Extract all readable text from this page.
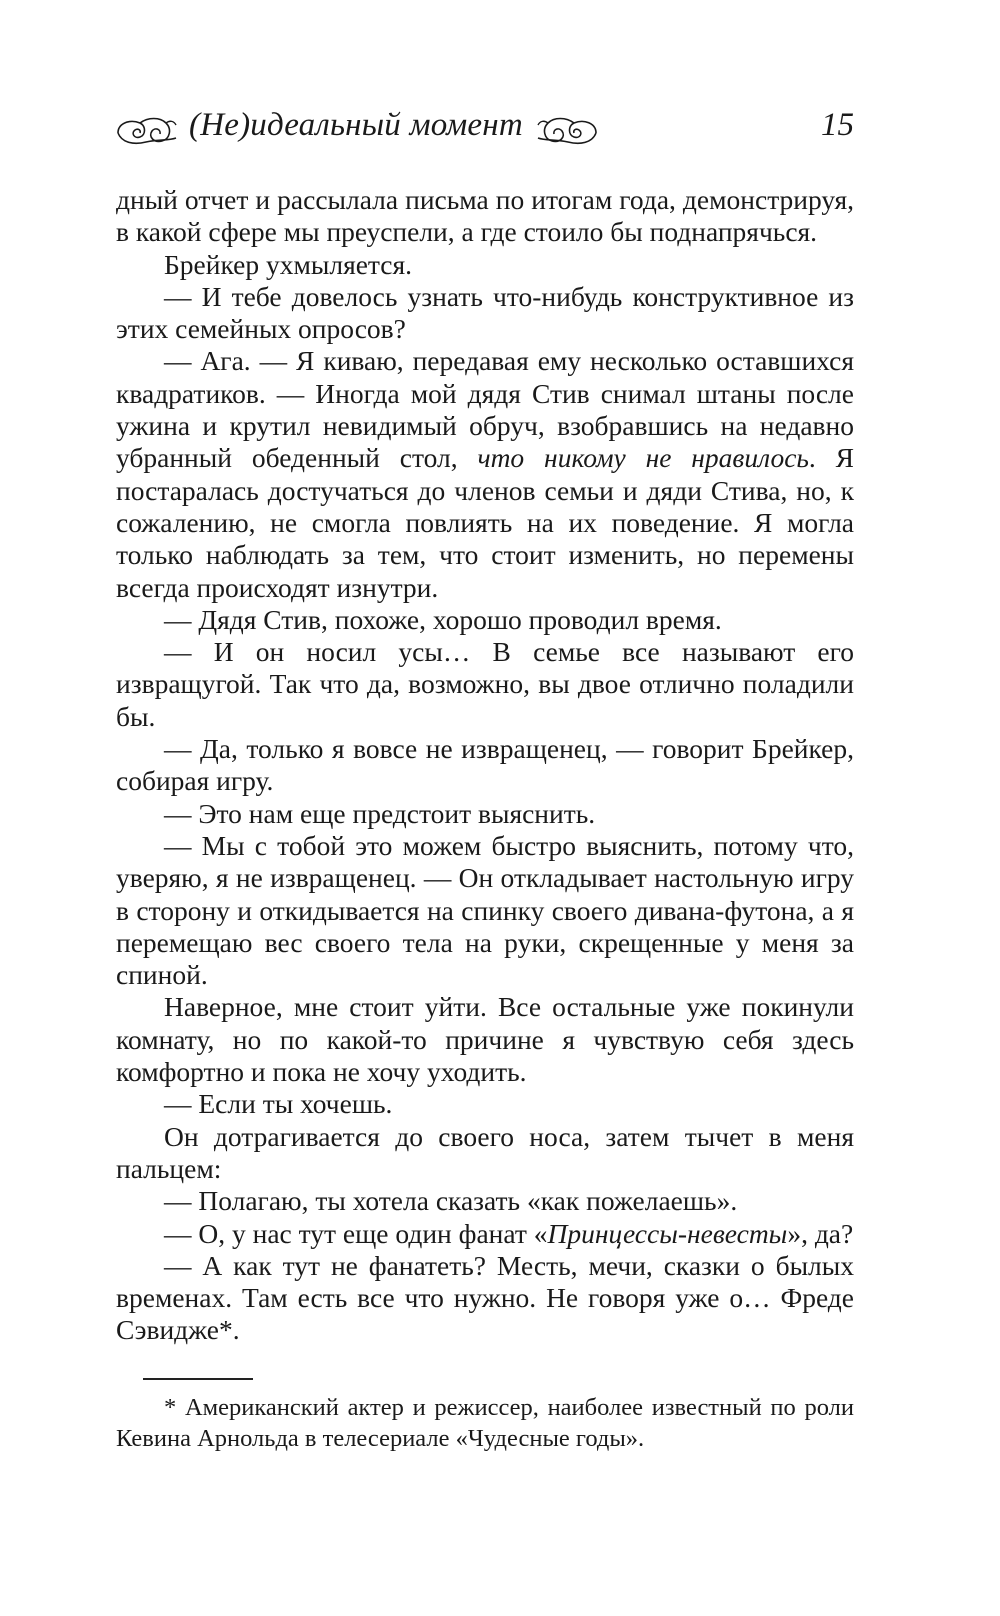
(Не)идеальный момент	15

дный отчет и рассылала письма по итогам года, демонстрируя, в какой сфере мы преуспели, а где стоило бы поднапрячься.

Брейкер ухмыляется.

— И тебе довелось узнать что-нибудь конструктивное из этих семейных опросов?

— Ага. — Я киваю, передавая ему несколько оставшихся квадратиков. — Иногда мой дядя Стив снимал штаны после ужина и крутил невидимый обруч, взобравшись на недавно убранный обеденный стол, что никому не нравилось. Я постаралась достучаться до членов семьи и дяди Стива, но, к сожалению, не смогла повлиять на их поведение. Я могла только наблюдать за тем, что стоит изменить, но перемены всегда происходят изнутри.

— Дядя Стив, похоже, хорошо проводил время.

— И он носил усы… В семье все называют его извращугой. Так что да, возможно, вы двое отлично поладили бы.

— Да, только я вовсе не извращенец, — говорит Брейкер, собирая игру.

— Это нам еще предстоит выяснить.

— Мы с тобой это можем быстро выяснить, потому что, уверяю, я не извращенец. — Он откладывает настольную игру в сторону и откидывается на спинку своего дивана-футона, а я перемещаю вес своего тела на руки, скрещенные у меня за спиной.

Наверное, мне стоит уйти. Все остальные уже покинули комнату, но по какой-то причине я чувствую себя здесь комфортно и пока не хочу уходить.

— Если ты хочешь.

Он дотрагивается до своего носа, затем тычет в меня пальцем:

— Полагаю, ты хотела сказать «как пожелаешь».

— О, у нас тут еще один фанат «Принцессы-невесты», да?

— А как тут не фанатеть? Месть, мечи, сказки о былых временах. Там есть все что нужно. Не говоря уже о… Фреде Сэвидже*.

* Американский актер и режиссер, наиболее известный по роли Кевина Арнольда в телесериале «Чудесные годы».
